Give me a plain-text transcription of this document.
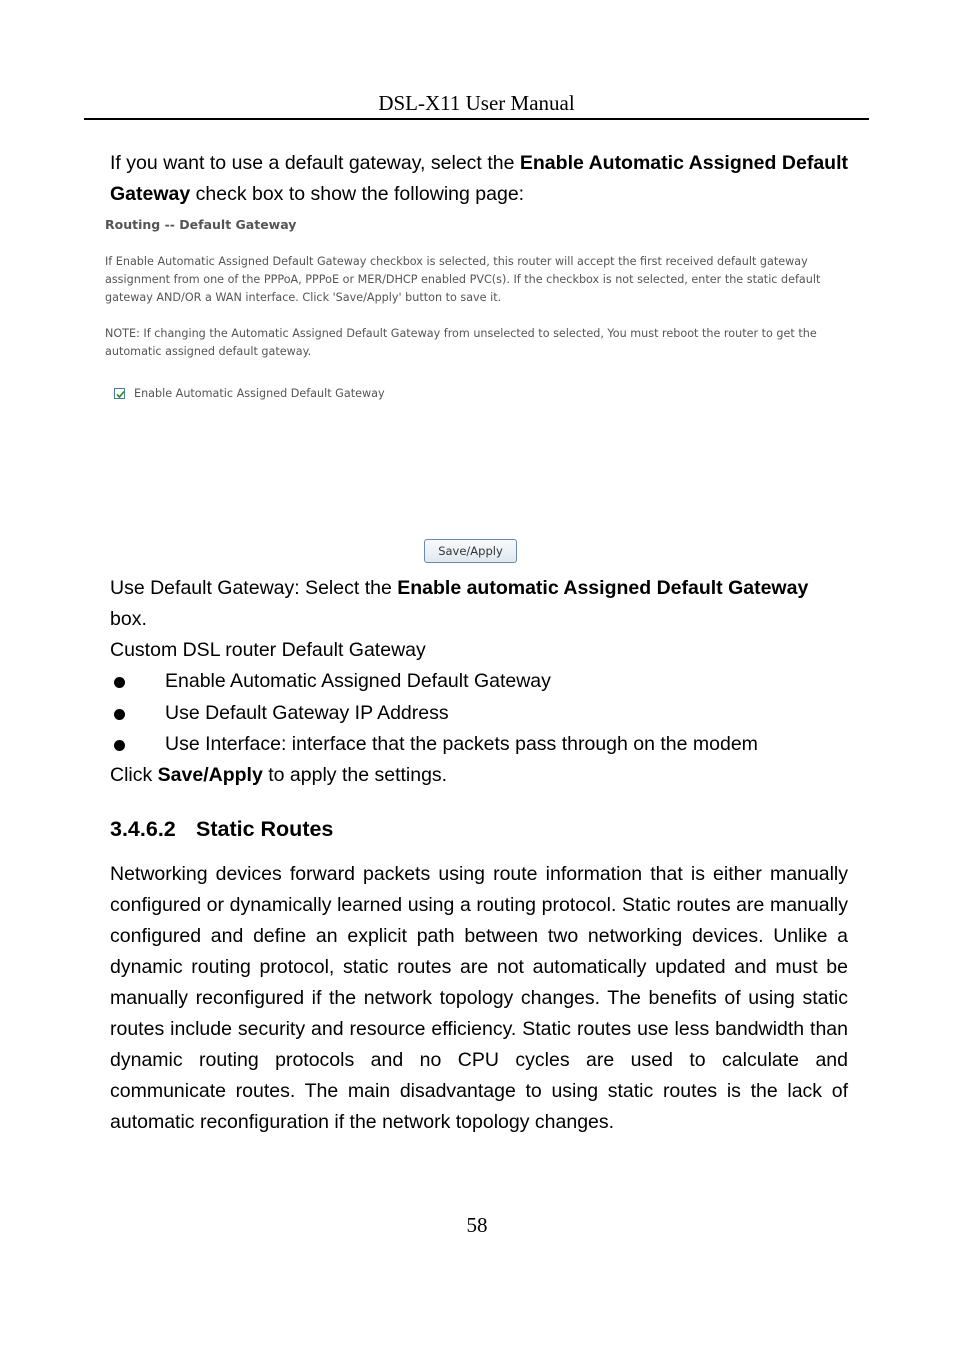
DSL-X11 User Manual
If you want to use a default gateway, select the Enable Automatic Assigned Default Gateway check box to show the following page:
Routing -- Default Gateway
If Enable Automatic Assigned Default Gateway checkbox is selected, this router will accept the first received default gateway assignment from one of the PPPoA, PPPoE or MER/DHCP enabled PVC(s). If the checkbox is not selected, enter the static default gateway AND/OR a WAN interface. Click 'Save/Apply' button to save it.
NOTE: If changing the Automatic Assigned Default Gateway from unselected to selected, You must reboot the router to get the automatic assigned default gateway.
Enable Automatic Assigned Default Gateway
Save/Apply
Use Default Gateway: Select the Enable automatic Assigned Default Gateway box.
Custom DSL router Default Gateway
Enable Automatic Assigned Default Gateway
Use Default Gateway IP Address
Use Interface: interface that the packets pass through on the modem
Click Save/Apply to apply the settings.
3.4.6.2 Static Routes
Networking devices forward packets using route information that is either manually configured or dynamically learned using a routing protocol. Static routes are manually configured and define an explicit path between two networking devices. Unlike a dynamic routing protocol, static routes are not automatically updated and must be manually reconfigured if the network topology changes. The benefits of using static routes include security and resource efficiency. Static routes use less bandwidth than dynamic routing protocols and no CPU cycles are used to calculate and communicate routes. The main disadvantage to using static routes is the lack of automatic reconfiguration if the network topology changes.
58
